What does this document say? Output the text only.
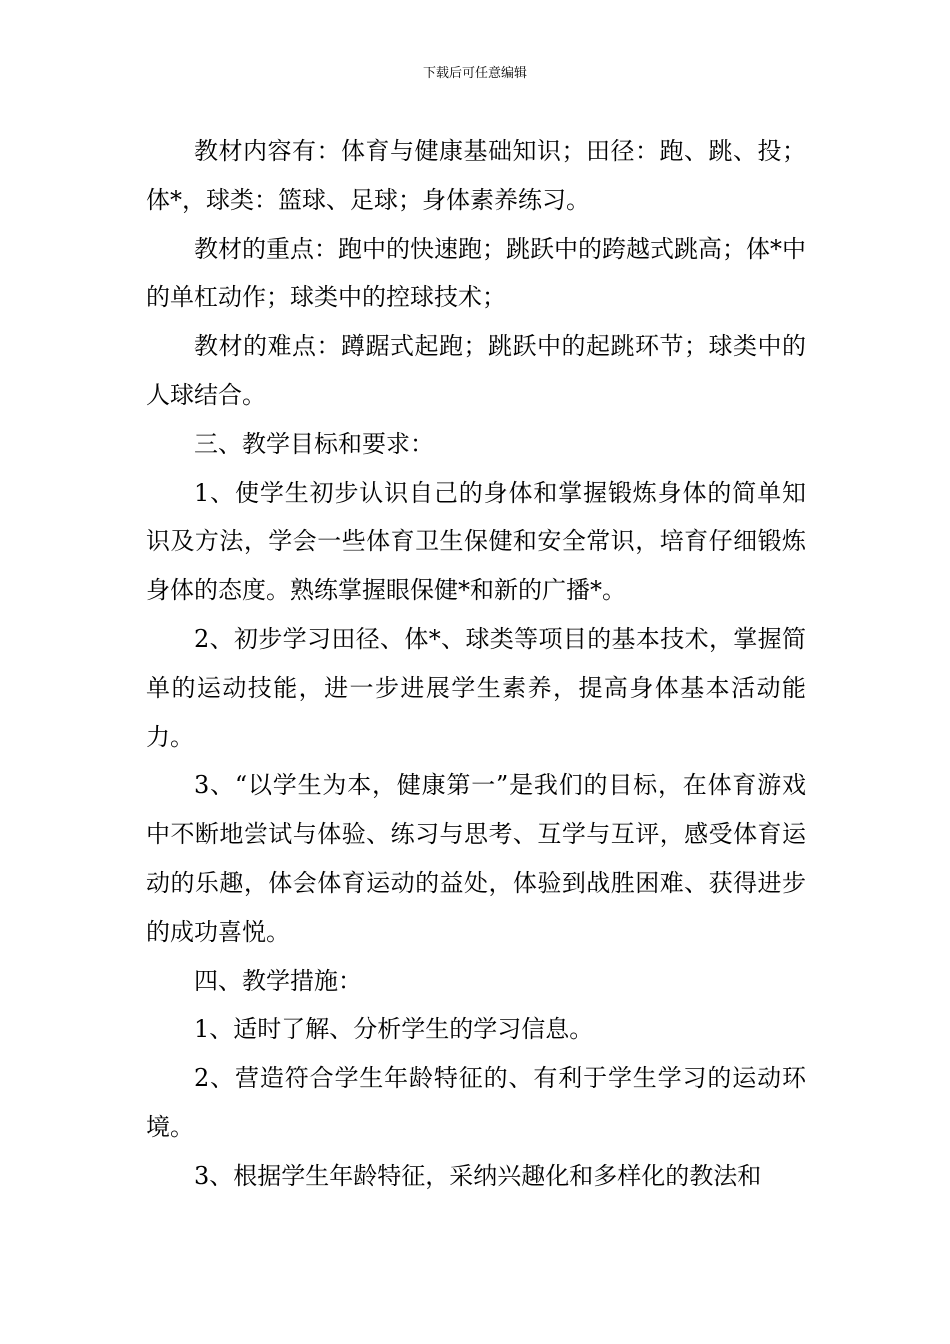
下载后可任意编辑

教材内容有：体育与健康基础知识；田径：跑、跳、投；体*，球类：篮球、足球；身体素养练习。

教材的重点：跑中的快速跑；跳跃中的跨越式跳高；体*中的单杠动作；球类中的控球技术；

教材的难点：蹲踞式起跑；跳跃中的起跳环节；球类中的人球结合。

三、教学目标和要求：

1、使学生初步认识自己的身体和掌握锻炼身体的简单知识及方法，学会一些体育卫生保健和安全常识，培育仔细锻炼身体的态度。熟练掌握眼保健*和新的广播*。

2、初步学习田径、体*、球类等项目的基本技术，掌握简单的运动技能，进一步进展学生素养，提高身体基本活动能力。

3、“以学生为本，健康第一”是我们的目标，在体育游戏中不断地尝试与体验、练习与思考、互学与互评，感受体育运动的乐趣，体会体育运动的益处，体验到战胜困难、获得进步的成功喜悦。

四、教学措施：

1、适时了解、分析学生的学习信息。

2、营造符合学生年龄特征的、有利于学生学习的运动环境。

3、根据学生年龄特征，采纳兴趣化和多样化的教法和
